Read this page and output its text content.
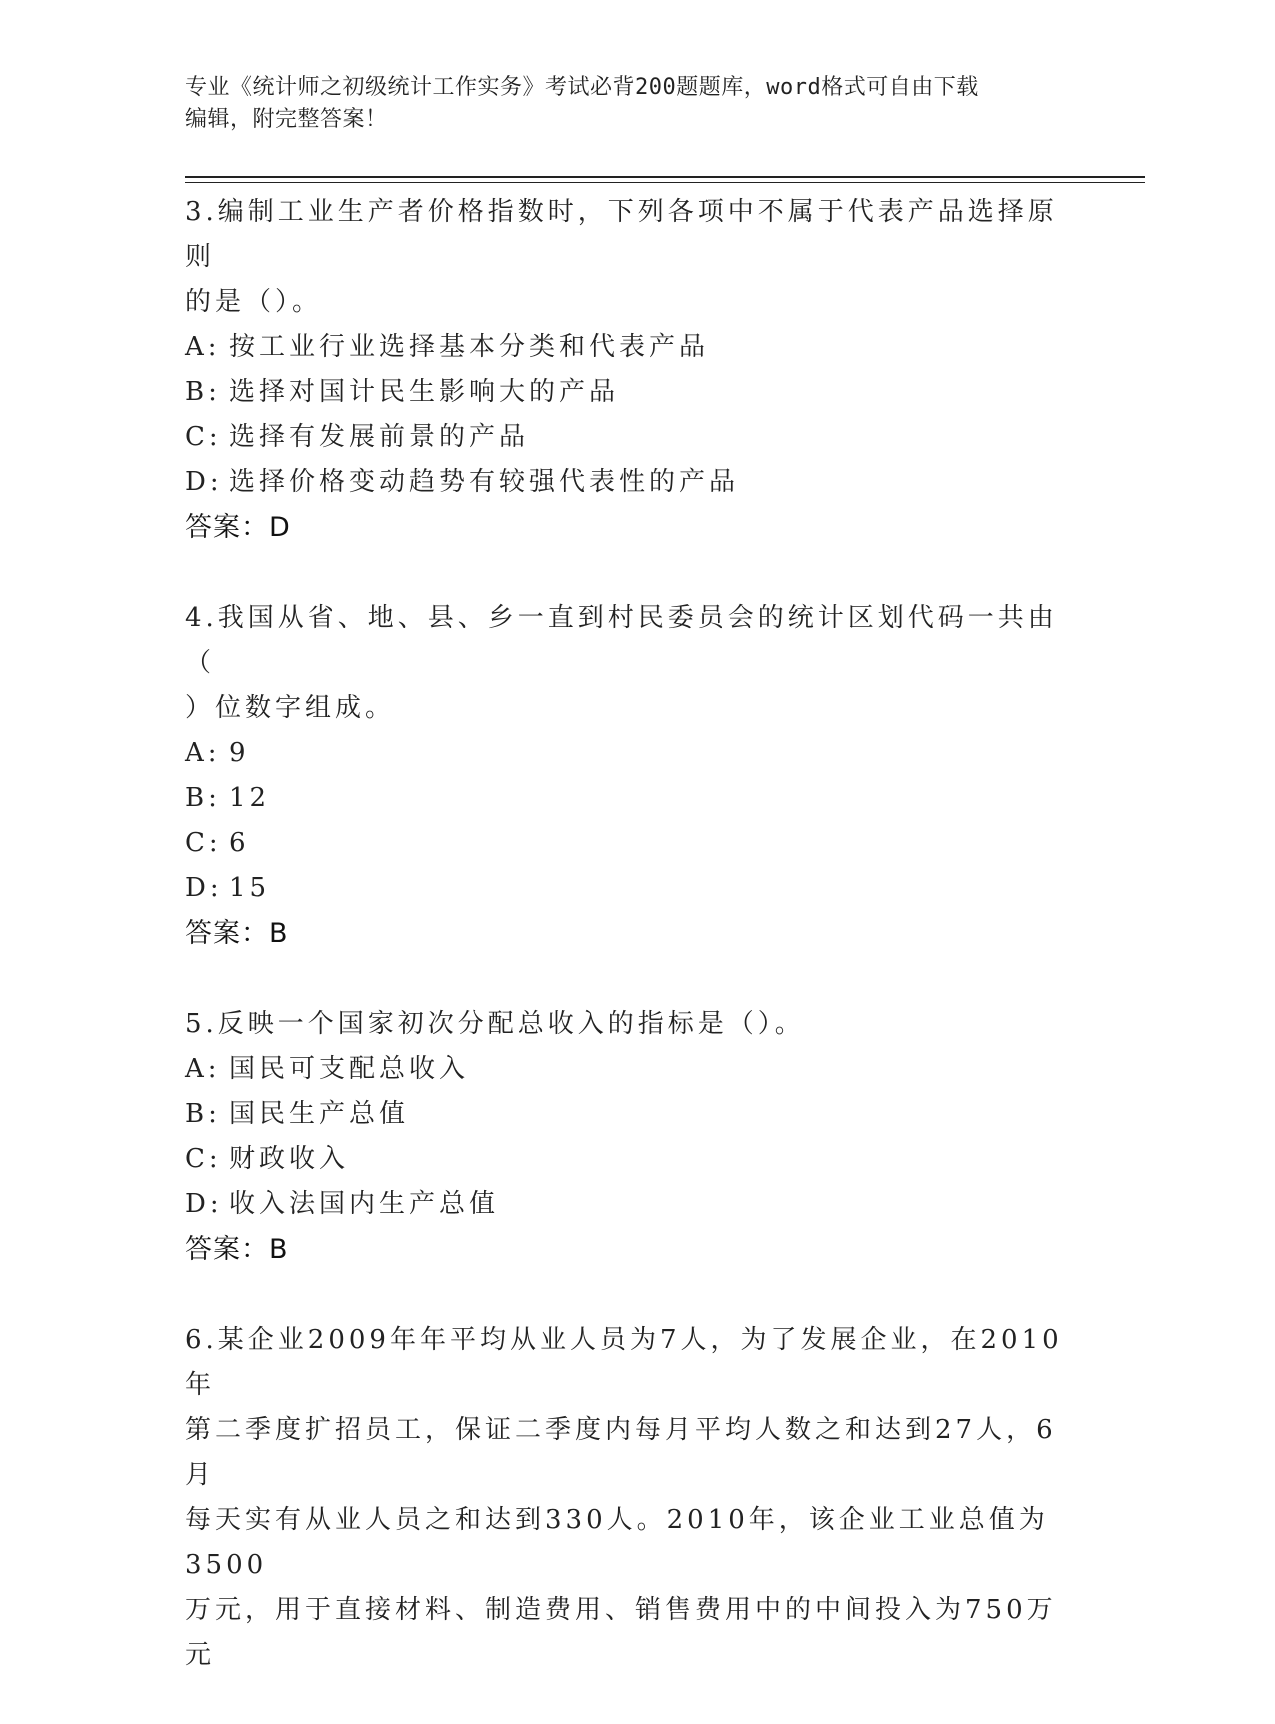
专业《统计师之初级统计工作实务》考试必背200题题库，word格式可自由下载
编辑，附完整答案！
3.编制工业生产者价格指数时，下列各项中不属于代表产品选择原则
的是（）。
A: 按工业行业选择基本分类和代表产品
B: 选择对国计民生影响大的产品
C: 选择有发展前景的产品
D: 选择价格变动趋势有较强代表性的产品
答案：D
4.我国从省、地、县、乡一直到村民委员会的统计区划代码一共由（
）位数字组成。
A: 9
B: 12
C: 6
D: 15
答案：B
5.反映一个国家初次分配总收入的指标是（）。
A: 国民可支配总收入
B: 国民生产总值
C: 财政收入
D: 收入法国内生产总值
答案：B
6.某企业2009年年平均从业人员为7人，为了发展企业，在2010年
第二季度扩招员工，保证二季度内每月平均人数之和达到27人，6月
每天实有从业人员之和达到330人。2010年，该企业工业总值为3500
万元，用于直接材料、制造费用、销售费用中的中间投入为750万元
